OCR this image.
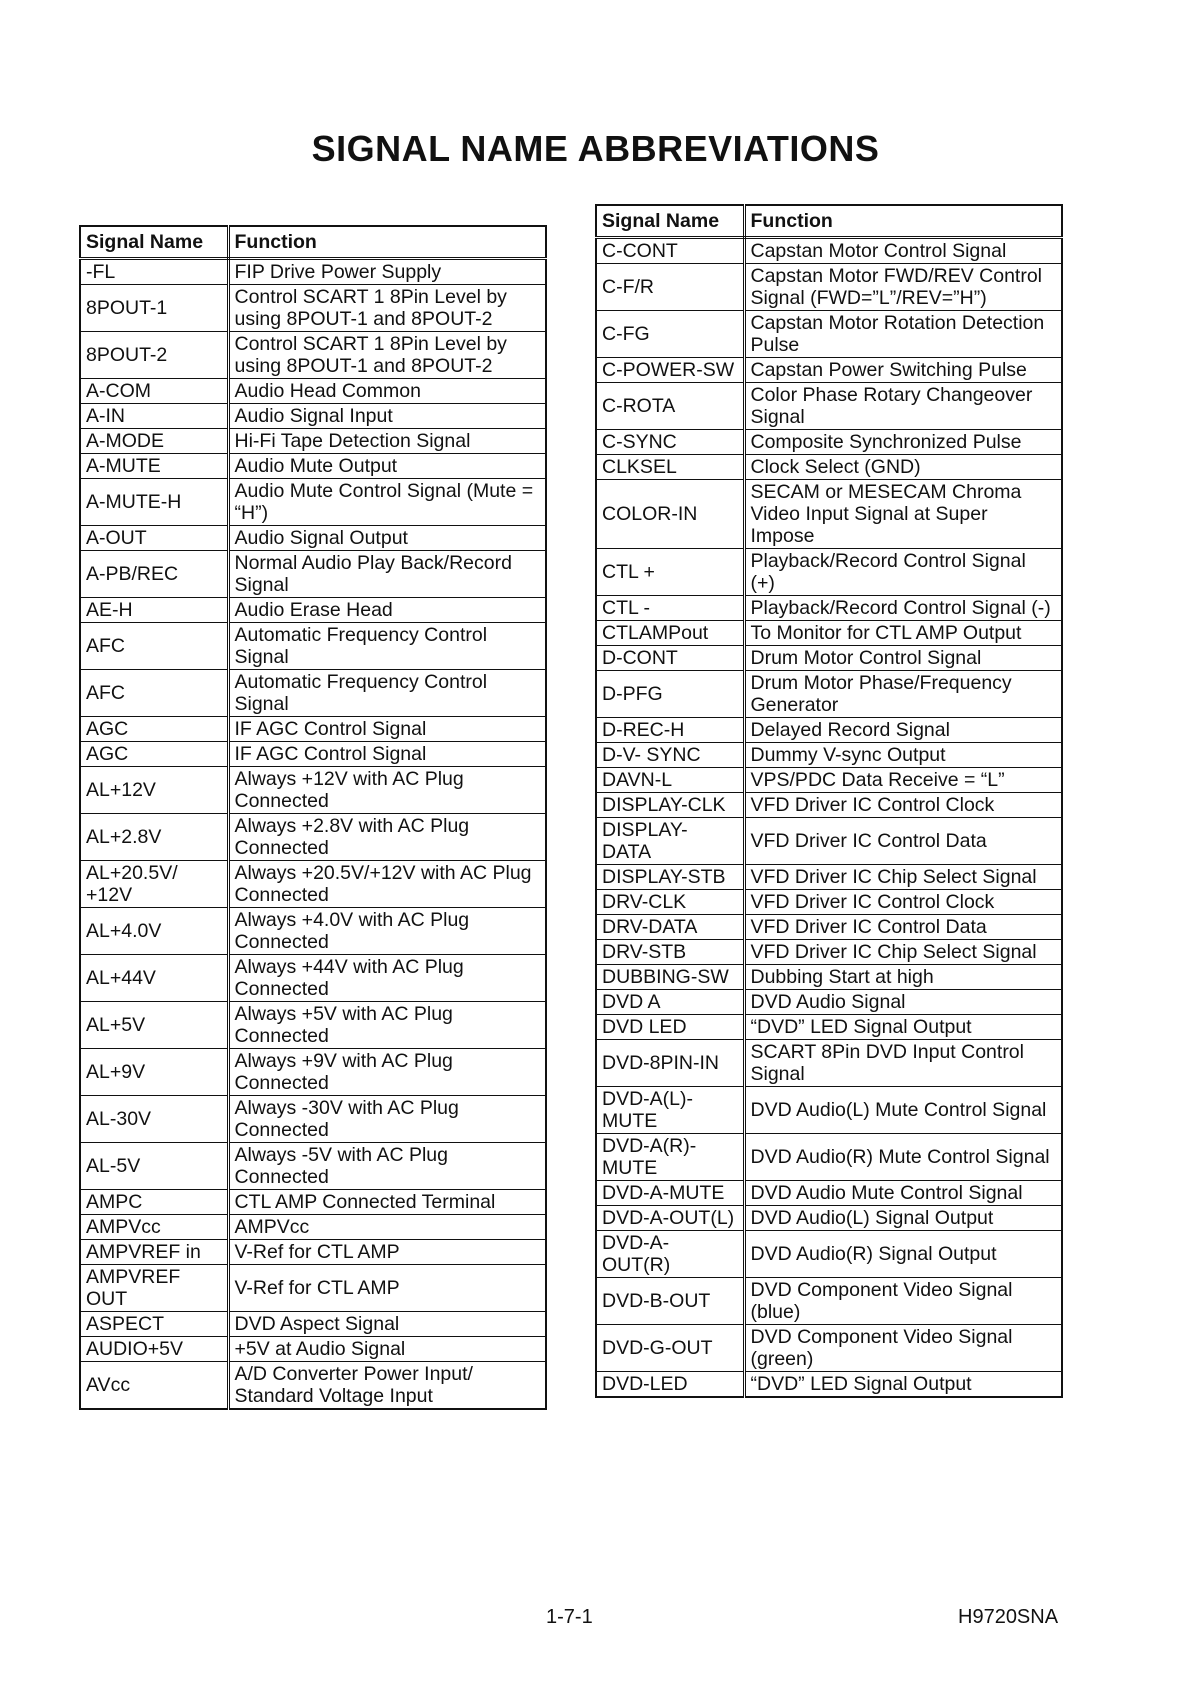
SIGNAL NAME ABBREVIATIONS
Signal Name	Function
-FL	FIP Drive Power Supply
8POUT-1	Control SCART 1 8Pin Level by using 8POUT-1 and 8POUT-2
8POUT-2	Control SCART 1 8Pin Level by using 8POUT-1 and 8POUT-2
A-COM	Audio Head Common
A-IN	Audio Signal Input
A-MODE	Hi-Fi Tape Detection Signal
A-MUTE	Audio Mute Output
A-MUTE-H	Audio Mute Control Signal (Mute = “H”)
A-OUT	Audio Signal Output
A-PB/REC	Normal Audio Play Back/Record Signal
AE-H	Audio Erase Head
AFC	Automatic Frequency Control Signal
AFC	Automatic Frequency Control Signal
AGC	IF AGC Control Signal
AGC	IF AGC Control Signal
AL+12V	Always +12V with AC Plug Connected
AL+2.8V	Always +2.8V with AC Plug Connected
AL+20.5V/ +12V	Always +20.5V/+12V with AC Plug Connected
AL+4.0V	Always +4.0V with AC Plug Connected
AL+44V	Always +44V with AC Plug Connected
AL+5V	Always +5V with AC Plug Connected
AL+9V	Always +9V with AC Plug Connected
AL-30V	Always -30V with AC Plug Connected
AL-5V	Always -5V with AC Plug Connected
AMPC	CTL AMP Connected Terminal
AMPVcc	AMPVcc
AMPVREF in	V-Ref for CTL AMP
AMPVREF OUT	V-Ref for CTL AMP
ASPECT	DVD Aspect Signal
AUDIO+5V	+5V at Audio Signal
AVcc	A/D Converter Power Input/ Standard Voltage Input
Signal Name	Function
C-CONT	Capstan Motor Control Signal
C-F/R	Capstan Motor FWD/REV Control Signal (FWD=”L”/REV=”H”)
C-FG	Capstan Motor Rotation Detection Pulse
C-POWER-SW	Capstan Power Switching Pulse
C-ROTA	Color Phase Rotary Changeover Signal
C-SYNC	Composite Synchronized Pulse
CLKSEL	Clock Select (GND)
COLOR-IN	SECAM or MESECAM Chroma Video Input Signal at Super Impose
CTL +	Playback/Record Control Signal (+)
CTL -	Playback/Record Control Signal (-)
CTLAMPout	To Monitor for CTL AMP Output
D-CONT	Drum Motor Control Signal
D-PFG	Drum Motor Phase/Frequency Generator
D-REC-H	Delayed Record Signal
D-V- SYNC	Dummy V-sync Output
DAVN-L	VPS/PDC Data Receive = “L”
DISPLAY-CLK	VFD Driver IC Control Clock
DISPLAY-DATA	VFD Driver IC Control Data
DISPLAY-STB	VFD Driver IC Chip Select Signal
DRV-CLK	VFD Driver IC Control Clock
DRV-DATA	VFD Driver IC Control Data
DRV-STB	VFD Driver IC Chip Select Signal
DUBBING-SW	Dubbing Start at high
DVD A	DVD Audio Signal
DVD LED	“DVD” LED Signal Output
DVD-8PIN-IN	SCART 8Pin DVD Input Control Signal
DVD-A(L)- MUTE	DVD Audio(L) Mute Control Signal
DVD-A(R)- MUTE	DVD Audio(R) Mute Control Signal
DVD-A-MUTE	DVD Audio Mute Control Signal
DVD-A-OUT(L)	DVD Audio(L) Signal Output
DVD-A- OUT(R)	DVD Audio(R) Signal Output
DVD-B-OUT	DVD Component Video Signal (blue)
DVD-G-OUT	DVD Component Video Signal (green)
DVD-LED	“DVD” LED Signal Output
1-7-1	H9720SNA
